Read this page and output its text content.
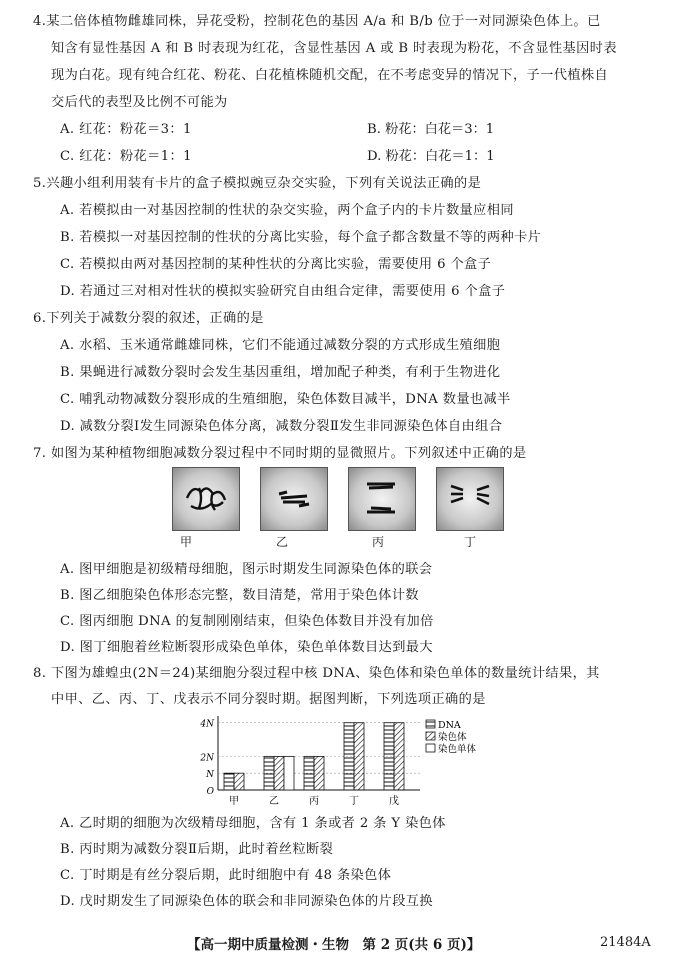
4.某二倍体植物雌雄同株，异花受粉，控制花色的基因 A/a 和 B/b 位于一对同源染色体上。已
知含有显性基因 A 和 B 时表现为红花，含显性基因 A 或 B 时表现为粉花，不含显性基因时表
现为白花。现有纯合红花、粉花、白花植株随机交配，在不考虑变异的情况下，子一代植株自
交后代的表型及比例不可能为
A. 红花：粉花＝3：1	B. 粉花：白花＝3：1
C. 红花：粉花＝1：1	D. 粉花：白花＝1：1
5.兴趣小组利用装有卡片的盒子模拟豌豆杂交实验，下列有关说法正确的是
A. 若模拟由一对基因控制的性状的杂交实验，两个盒子内的卡片数量应相同
B. 若模拟一对基因控制的性状的分离比实验，每个盒子都含数量不等的两种卡片
C. 若模拟由两对基因控制的某种性状的分离比实验，需要使用 6 个盒子
D. 若通过三对相对性状的模拟实验研究自由组合定律，需要使用 6 个盒子
6.下列关于减数分裂的叙述，正确的是
A. 水稻、玉米通常雌雄同株，它们不能通过减数分裂的方式形成生殖细胞
B. 果蝇进行减数分裂时会发生基因重组，增加配子种类，有利于生物进化
C. 哺乳动物减数分裂形成的生殖细胞，染色体数目减半，DNA 数量也减半
D. 减数分裂Ⅰ发生同源染色体分离，减数分裂Ⅱ发生非同源染色体自由组合
7. 如图为某种植物细胞减数分裂过程中不同时期的显微照片。下列叙述中正确的是
甲	乙	丙	丁
A. 图甲细胞是初级精母细胞，图示时期发生同源染色体的联会
B. 图乙细胞染色体形态完整，数目清楚，常用于染色体计数
C. 图丙细胞 DNA 的复制刚刚结束，但染色体数目并没有加倍
D. 图丁细胞着丝粒断裂形成染色单体，染色单体数目达到最大
8. 下图为雄蝗虫(2N＝24)某细胞分裂过程中核 DNA、染色体和染色单体的数量统计结果，其
中甲、乙、丙、丁、戊表示不同分裂时期。据图判断，下列选项正确的是
O
N
2N
4N
甲	乙	丙	丁	戊
DNA
染色体
染色单体
A. 乙时期的细胞为次级精母细胞，含有 1 条或者 2 条 Y 染色体
B. 丙时期为减数分裂Ⅱ后期，此时着丝粒断裂
C. 丁时期是有丝分裂后期，此时细胞中有 48 条染色体
D. 戊时期发生了同源染色体的联会和非同源染色体的片段互换
【高一期中质量检测・生物　第 2 页(共 6 页)】	21484A
